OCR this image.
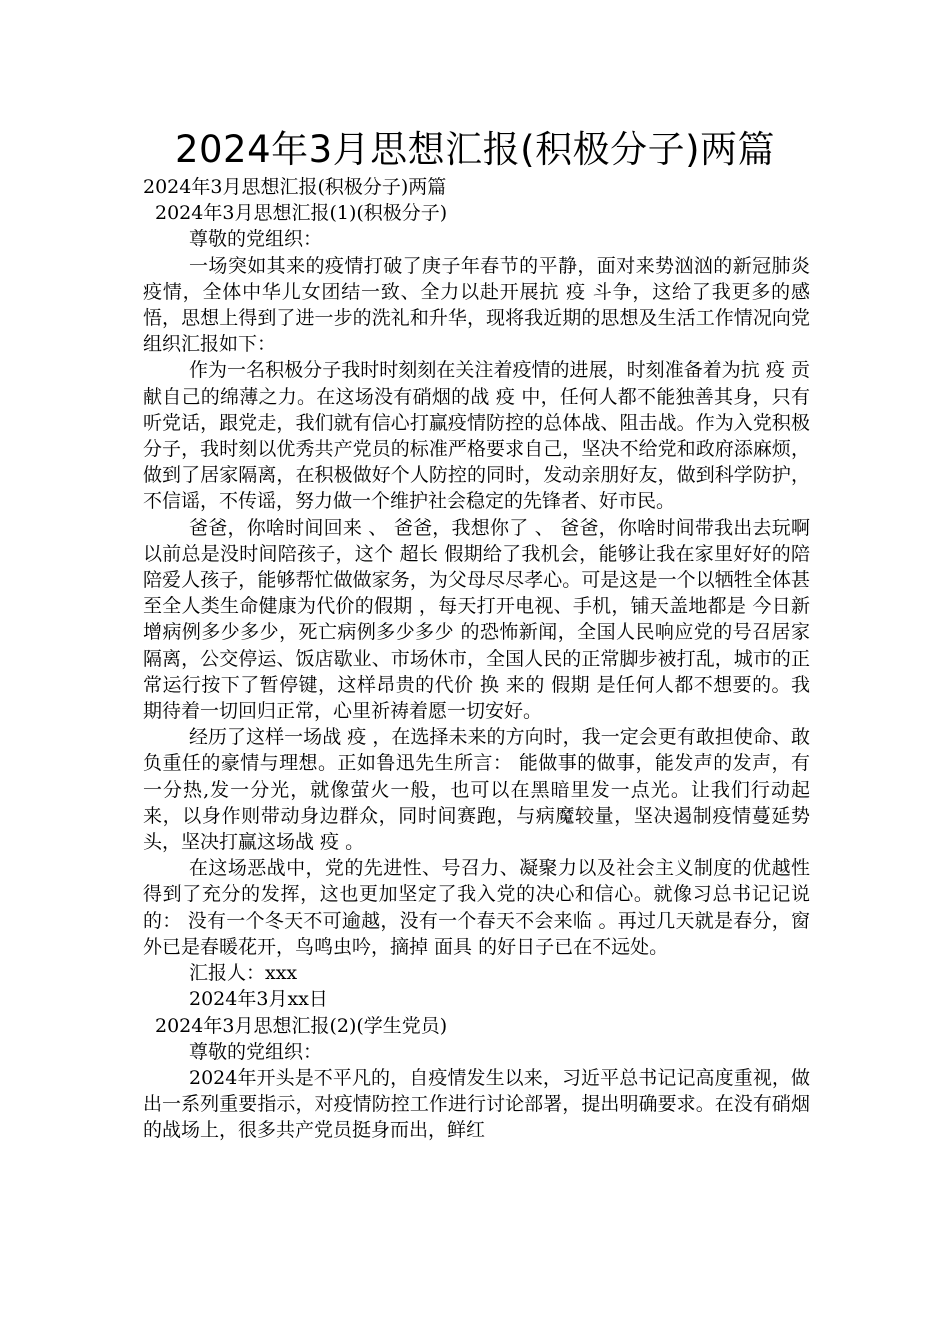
2024年3月思想汇报(积极分子)两篇

2024年3月思想汇报(积极分子)两篇

2024年3月思想汇报(1)(积极分子)

尊敬的党组织：

一场突如其来的疫情打破了庚子年春节的平静，面对来势汹汹的新冠肺炎疫情，全体中华儿女团结一致、全力以赴开展抗 疫 斗争，这给了我更多的感悟，思想上得到了进一步的洗礼和升华，现将我近期的思想及生活工作情况向党组织汇报如下：

作为一名积极分子我时时刻刻在关注着疫情的进展，时刻准备着为抗 疫 贡献自己的绵薄之力。在这场没有硝烟的战 疫 中，任何人都不能独善其身，只有听党话，跟党走，我们就有信心打赢疫情防控的总体战、阻击战。作为入党积极分子，我时刻以优秀共产党员的标准严格要求自己，坚决不给党和政府添麻烦，做到了居家隔离，在积极做好个人防控的同时，发动亲朋好友，做到科学防护，不信谣，不传谣，努力做一个维护社会稳定的先锋者、好市民。

爸爸，你啥时间回来 、 爸爸，我想你了 、 爸爸，你啥时间带我出去玩啊 以前总是没时间陪孩子，这个 超长 假期给了我机会，能够让我在家里好好的陪陪爱人孩子，能够帮忙做做家务，为父母尽尽孝心。可是这是一个以牺牲全体甚至全人类生命健康为代价的假期 ，每天打开电视、手机，铺天盖地都是 今日新增病例多少多少，死亡病例多少多少 的恐怖新闻，全国人民响应党的号召居家隔离，公交停运、饭店歇业、市场休市，全国人民的正常脚步被打乱，城市的正常运行按下了暂停键，这样昂贵的代价 换 来的 假期 是任何人都不想要的。我期待着一切回归正常，心里祈祷着愿一切安好。

经历了这样一场战 疫 ，在选择未来的方向时，我一定会更有敢担使命、敢负重任的豪情与理想。正如鲁迅先生所言： 能做事的做事，能发声的发声，有一分热,发一分光，就像萤火一般，也可以在黑暗里发一点光。让我们行动起来，以身作则带动身边群众，同时间赛跑，与病魔较量，坚决遏制疫情蔓延势头，坚决打赢这场战 疫 。

在这场恶战中，党的先进性、号召力、凝聚力以及社会主义制度的优越性得到了充分的发挥，这也更加坚定了我入党的决心和信心。就像习总书记记说的： 没有一个冬天不可逾越，没有一个春天不会来临 。再过几天就是春分，窗外已是春暖花开，鸟鸣虫吟，摘掉 面具 的好日子已在不远处。

汇报人：xxx

2024年3月xx日

2024年3月思想汇报(2)(学生党员)

尊敬的党组织：

2024年开头是不平凡的，自疫情发生以来，习近平总书记记高度重视，做出一系列重要指示，对疫情防控工作进行讨论部署，提出明确要求。在没有硝烟的战场上，很多共产党员挺身而出，鲜红
